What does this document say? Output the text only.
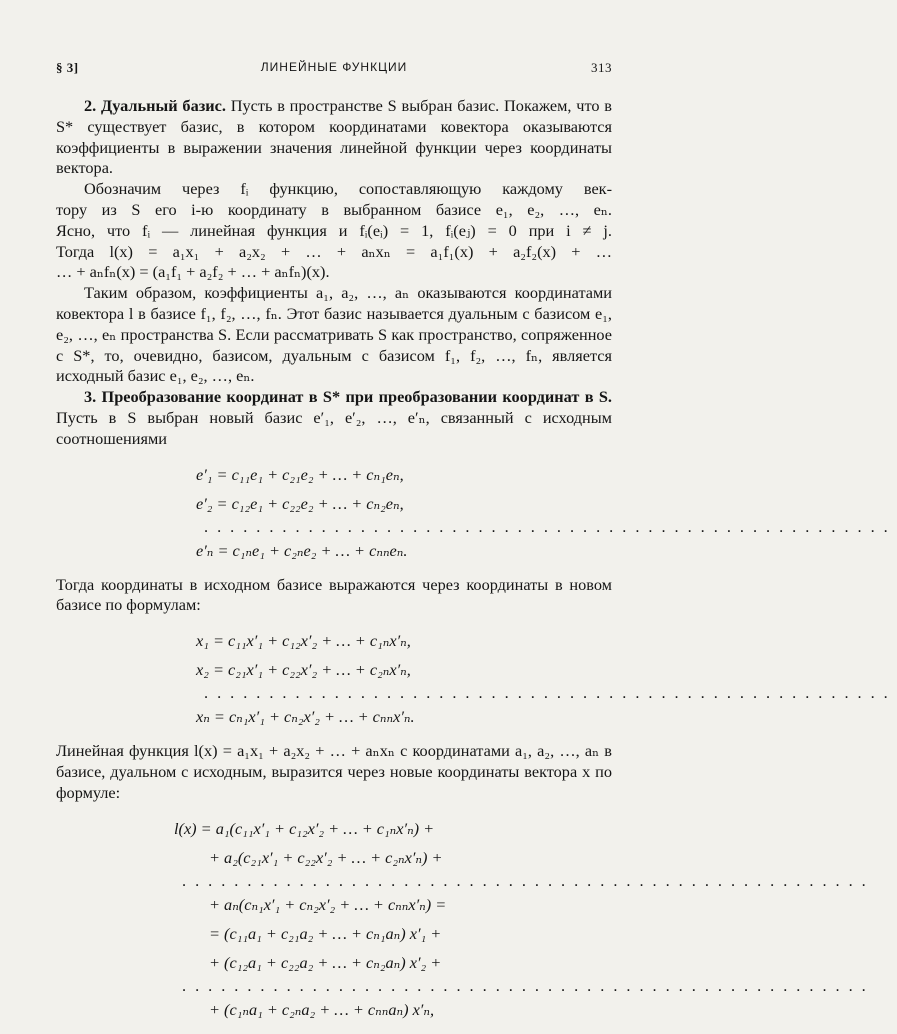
§ 3]	ЛИНЕЙНЫЕ ФУНКЦИИ	313

2. Дуальный базис. Пусть в пространстве S выбран базис. Покажем, что в S* существует базис, в котором координатами ковектора оказываются коэффициенты в выражении значения линейной функции через координаты вектора.

Обозначим через fᵢ функцию, сопоставляющую каждому век-
тору из S его i-ю координату в выбранном базисе e₁, e₂, …, eₙ.
Ясно, что fᵢ — линейная функция и fᵢ(eᵢ) = 1, fᵢ(eⱼ) = 0 при i ≠ j.
Тогда l(x) = a₁x₁ + a₂x₂ + … + aₙxₙ = a₁f₁(x) + a₂f₂(x) + …
… + aₙfₙ(x) = (a₁f₁ + a₂f₂ + … + aₙfₙ)(x).

Таким образом, коэффициенты a₁, a₂, …, aₙ оказываются координатами ковектора l в базисе f₁, f₂, …, fₙ. Этот базис называется дуальным с базисом e₁, e₂, …, eₙ пространства S. Если рассматривать S как пространство, сопряженное с S*, то, очевидно, базисом, дуальным с базисом f₁, f₂, …, fₙ, является исходный базис e₁, e₂, …, eₙ.

3. Преобразование координат в S* при преобразовании координат в S. Пусть в S выбран новый базис e′₁, e′₂, …, e′ₙ, связанный с исходным соотношениями

e′₁ = c₁₁e₁ + c₂₁e₂ + … + cₙ₁eₙ,
e′₂ = c₁₂e₁ + c₂₂e₂ + … + cₙ₂eₙ,
.....................................................
e′ₙ = c₁ₙe₁ + c₂ₙe₂ + … + cₙₙeₙ.

Тогда координаты в исходном базисе выражаются через координаты в новом базисе по формулам:

x₁ = c₁₁x′₁ + c₁₂x′₂ + … + c₁ₙx′ₙ,
x₂ = c₂₁x′₁ + c₂₂x′₂ + … + c₂ₙx′ₙ,
.....................................................
xₙ = cₙ₁x′₁ + cₙ₂x′₂ + … + cₙₙx′ₙ.

Линейная функция l(x) = a₁x₁ + a₂x₂ + … + aₙxₙ с координатами a₁, a₂, …, aₙ в базисе, дуальном с исходным, выразится через новые координаты вектора x по формуле:

l(x) = a₁(c₁₁x′₁ + c₁₂x′₂ + … + c₁ₙx′ₙ) +
+ a₂(c₂₁x′₁ + c₂₂x′₂ + … + c₂ₙx′ₙ) +
.....................................................
+ aₙ(cₙ₁x′₁ + cₙ₂x′₂ + … + cₙₙx′ₙ) =
= (c₁₁a₁ + c₂₁a₂ + … + cₙ₁aₙ) x′₁ +
+ (c₁₂a₁ + c₂₂a₂ + … + cₙ₂aₙ) x′₂ +
.....................................................
+ (c₁ₙa₁ + c₂ₙa₂ + … + cₙₙaₙ) x′ₙ,
